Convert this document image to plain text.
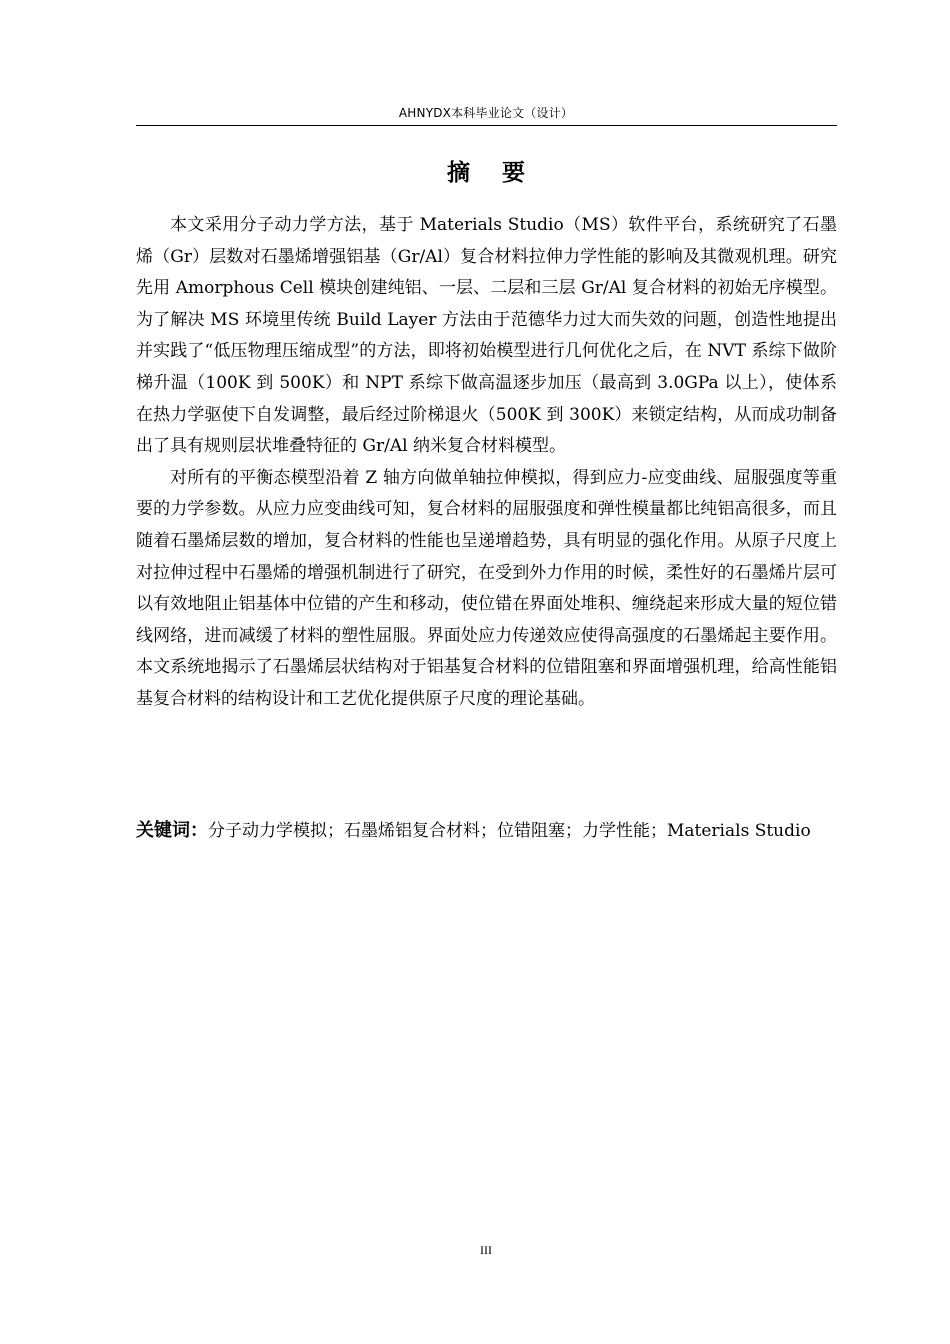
AHNYDX本科毕业论文（设计）
摘 要

本文采用分子动力学方法，基于 Materials Studio（MS）软件平台，系统研究了石墨烯（Gr）层数对石墨烯增强铝基（Gr/Al）复合材料拉伸力学性能的影响及其微观机理。研究先用 Amorphous Cell 模块创建纯铝、一层、二层和三层 Gr/Al 复合材料的初始无序模型。为了解决 MS 环境里传统 Build Layer 方法由于范德华力过大而失效的问题，创造性地提出并实践了“低压物理压缩成型”的方法，即将初始模型进行几何优化之后，在 NVT 系综下做阶梯升温（100K 到 500K）和 NPT 系综下做高温逐步加压（最高到 3.0GPa 以上），使体系在热力学驱使下自发调整，最后经过阶梯退火（500K 到 300K）来锁定结构，从而成功制备出了具有规则层状堆叠特征的 Gr/Al 纳米复合材料模型。

对所有的平衡态模型沿着 Z 轴方向做单轴拉伸模拟，得到应力-应变曲线、屈服强度等重要的力学参数。从应力应变曲线可知，复合材料的屈服强度和弹性模量都比纯铝高很多，而且随着石墨烯层数的增加，复合材料的性能也呈递增趋势，具有明显的强化作用。从原子尺度上对拉伸过程中石墨烯的增强机制进行了研究，在受到外力作用的时候，柔性好的石墨烯片层可以有效地阻止铝基体中位错的产生和移动，使位错在界面处堆积、缠绕起来形成大量的短位错线网络，进而减缓了材料的塑性屈服。界面处应力传递效应使得高强度的石墨烯起主要作用。本文系统地揭示了石墨烯层状结构对于铝基复合材料的位错阻塞和界面增强机理，给高性能铝基复合材料的结构设计和工艺优化提供原子尺度的理论基础。

关键词：分子动力学模拟；石墨烯铝复合材料；位错阻塞；力学性能；Materials Studio
III
